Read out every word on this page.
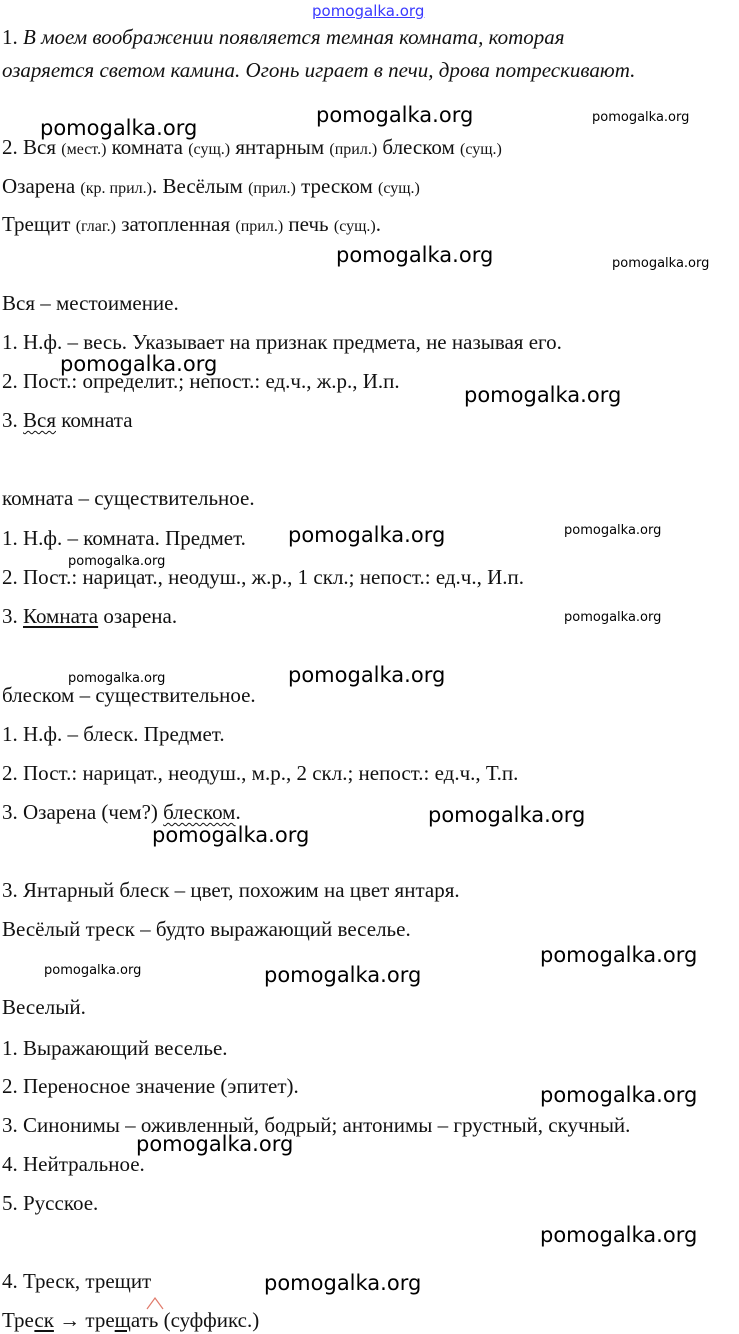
pomogalka.org
1. В моем воображении появляется темная комната, которая
озаряется светом камина. Огонь играет в печи, дрова потрескивают.
2. Вся (мест.) комната (сущ.) янтарным (прил.) блеском (сущ.)
Озарена (кр. прил.). Весёлым (прил.) треском (сущ.)
Трещит (глаг.) затопленная (прил.) печь (сущ.).
Вся – местоимение.
1. Н.ф. – весь. Указывает на признак предмета, не называя его.
2. Пост.: определит.; непост.: ед.ч., ж.р., И.п.
3. Вся комната
комната – существительное.
1. Н.ф. – комната. Предмет.
2. Пост.: нарицат., неодуш., ж.р., 1 скл.; непост.: ед.ч., И.п.
3. Комната озарена.
блеском – существительное.
1. Н.ф. – блеск. Предмет.
2. Пост.: нарицат., неодуш., м.р., 2 скл.; непост.: ед.ч., Т.п.
3. Озарена (чем?) блеском.
3. Янтарный блеск – цвет, похожим на цвет янтаря.
Весёлый треск – будто выражающий веселье.
Веселый.
1. Выражающий веселье.
2. Переносное значение (эпитет).
3. Синонимы – оживленный, бодрый; антонимы – грустный, скучный.
4. Нейтральное.
5. Русское.
4. Треск, трещит
Треск → трещать (суффикс.)
pomogalka.org	pomogalka.org
pomogalka.org
pomogalka.org	pomogalka.org
pomogalka.org
pomogalka.org
pomogalka.org	pomogalka.org
pomogalka.org
pomogalka.org
pomogalka.org	pomogalka.org
pomogalka.org
pomogalka.org
pomogalka.org
pomogalka.org	pomogalka.org
pomogalka.org
pomogalka.org
pomogalka.org
pomogalka.org
